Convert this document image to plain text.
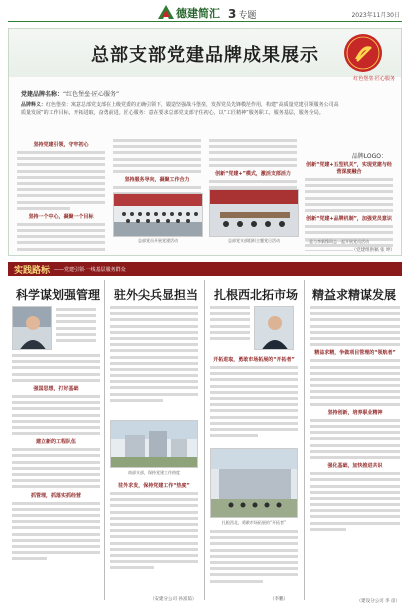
德建简汇 3 专题	2023年11月30日
总部支部党建品牌成果展示
红色堡垒·匠心服务
党建品牌名称：“红色堡垒·匠心服务”
品牌释义：红色堡垒：寓意总部党支部在上级党委的正确引领下，锻造坚强战斗堡垒，发挥党员先锋模范作用，构建“高质量党建引领服务公司高质量发展”的工作目标，开拓进取，奋勇前进。匠心服务：意在要求总部党支部守住初心，以“工匠精神”服务职工，服务基层，服务全局。
品牌LOGO：
坚持党建引领，守牢初心
坚持一个中心，凝聚一个目标
坚持服务导向，凝聚工作合力
创新“党建+”模式，激活支部活力
创新“党建+五型机关”，实现党建与经营深度融合
创新“党建+品牌机制”，加强党员意识
总部党员开展党建活动	总部党支部组织主题党日活动	一是与李新锋同志一起开展党员活动
（党建组供稿 张 坤）
实践路标 ——党建引领·一线基层服务群众
科学谋划强管理
强国思想，打好基础
建立新的工程队伍
抓管理，抓落实抓经营
驻外尖兵显担当
南部支部，保持党建工作热度
驻外求发，保持党建工作“热度”
（安建分公司 孙富茹）
扎根西北拓市场
开拓进取，勇敢市场拓展的“开拓者”
扎根西北，勇敢市场拓展的“开拓者”
（李鹏）
精益求精谋发展
精益求精，争做项目管理的“领航者”
坚持创新，培养职业精神
强化基础，加快推进共识
（建设分公司 李 彦）
